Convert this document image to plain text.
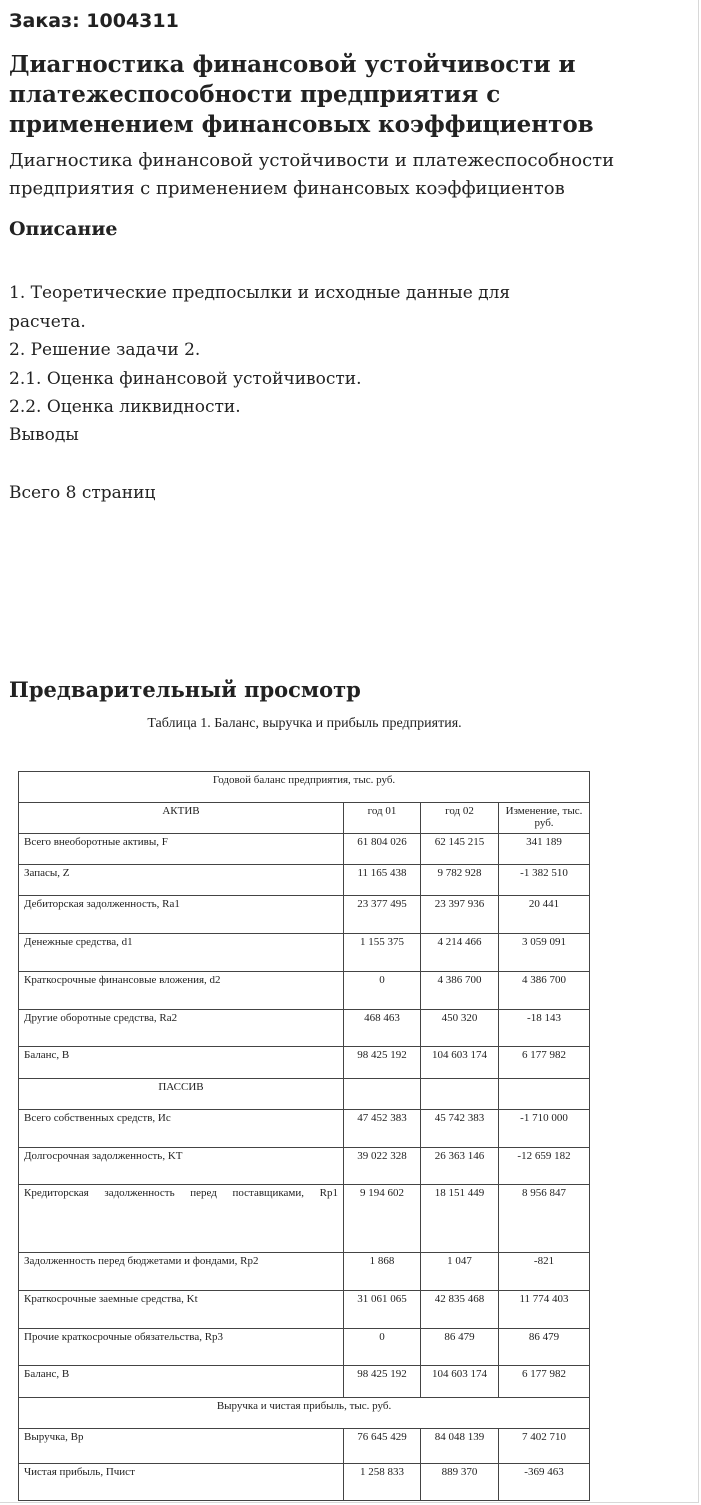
Заказ: 1004311
Диагностика финансовой устойчивости и платежеспособности предприятия с применением финансовых коэффициентов
Диагностика финансовой устойчивости и платежеспособности предприятия с применением финансовых коэффициентов
Описание
1. Теоретические предпосылки и исходные данные для
расчета.
2. Решение задачи 2.
2.1. Оценка финансовой устойчивости.
2.2. Оценка ликвидности.
Выводы
Всего 8 страниц
Предварительный просмотр
Таблица 1. Баланс, выручка и прибыль предприятия.
Годовой баланс предприятия, тыс. руб.			
АКТИВ	год 01	год 02	Изменение, тыс. руб.
Всего внеоборотные активы, F	61 804 026	62 145 215	341 189
Запасы, Z	11 165 438	9 782 928	-1 382 510
Дебиторская задолженность, Ra1	23 377 495	23 397 936	20 441
Денежные средства, d1	1 155 375	4 214 466	3 059 091
Краткосрочные финансовые вложения, d2	0	4 386 700	4 386 700
Другие оборотные средства, Ra2	468 463	450 320	-18 143
Баланс, B	98 425 192	104 603 174	6 177 982
ПАССИВ			
Всего собственных средств, Ис	47 452 383	45 742 383	-1 710 000
Долгосрочная задолженность, KT	39 022 328	26 363 146	-12 659 182
Кредиторская задолженность перед поставщиками, Rp1	9 194 602	18 151 449	8 956 847
Задолженность перед бюджетами и фондами, Rp2	1 868	1 047	-821
Краткосрочные заемные средства, Kt	31 061 065	42 835 468	11 774 403
Прочие краткосрочные обязательства, Rp3	0	86 479	86 479
Баланс, B	98 425 192	104 603 174	6 177 982
Выручка и чистая прибыль, тыс. руб.			
Выручка, Bp	76 645 429	84 048 139	7 402 710
Чистая прибыль, Пчист	1 258 833	889 370	-369 463
